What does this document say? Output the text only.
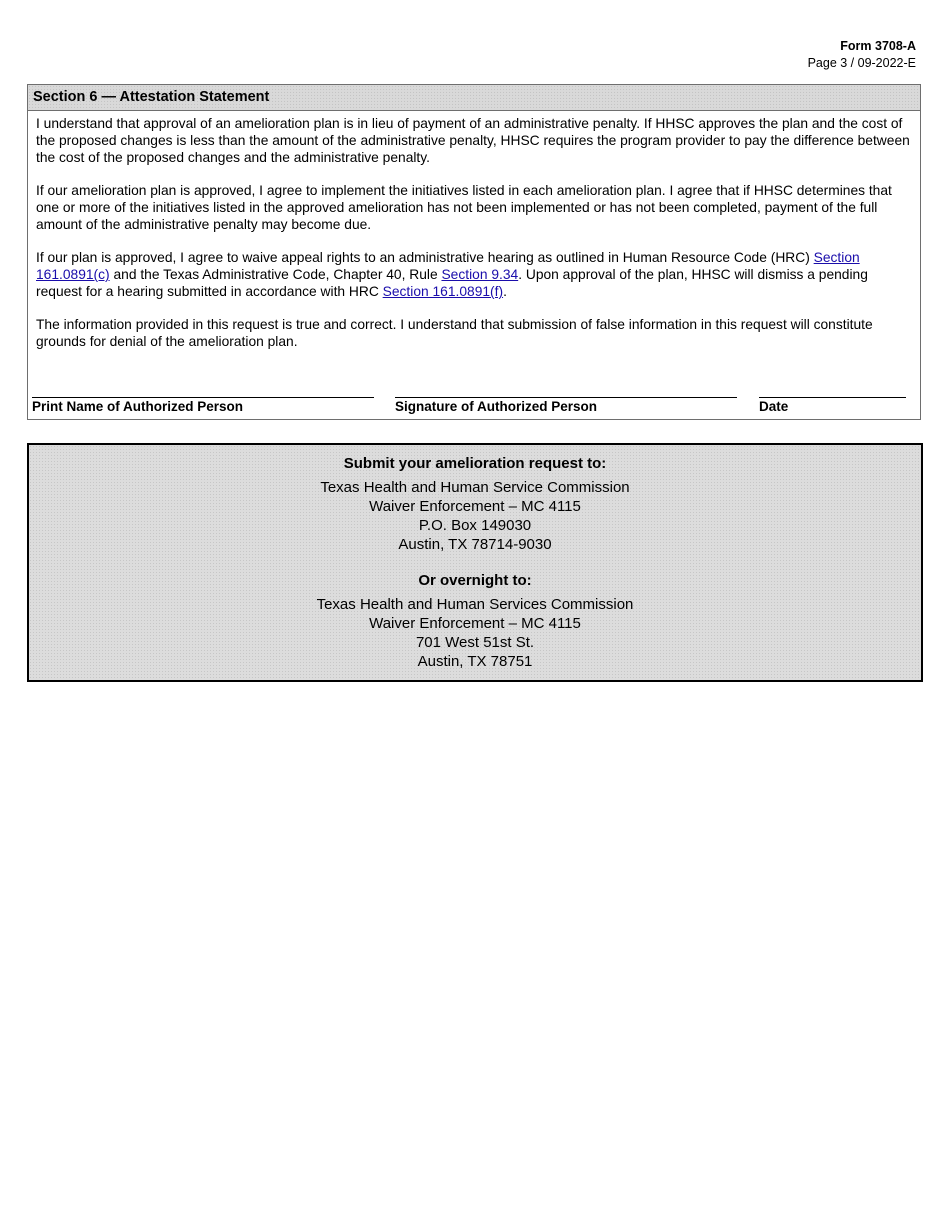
Form 3708-A
Page 3 / 09-2022-E
Section 6 — Attestation Statement

I understand that approval of an amelioration plan is in lieu of payment of an administrative penalty. If HHSC approves the plan and the cost of the proposed changes is less than the amount of the administrative penalty, HHSC requires the program provider to pay the difference between the cost of the proposed changes and the administrative penalty.

If our amelioration plan is approved, I agree to implement the initiatives listed in each amelioration plan. I agree that if HHSC determines that one or more of the initiatives listed in the approved amelioration has not been implemented or has not been completed, payment of the full amount of the administrative penalty may become due.

If our plan is approved, I agree to waive appeal rights to an administrative hearing as outlined in Human Resource Code (HRC) Section 161.0891(c) and the Texas Administrative Code, Chapter 40, Rule Section 9.34. Upon approval of the plan, HHSC will dismiss a pending request for a hearing submitted in accordance with HRC Section 161.0891(f).

The information provided in this request is true and correct. I understand that submission of false information in this request will constitute grounds for denial of the amelioration plan.

Print Name of Authorized Person	Signature of Authorized Person	Date
Submit your amelioration request to:
Texas Health and Human Service Commission
Waiver Enforcement – MC 4115
P.O. Box 149030
Austin, TX 78714-9030
Or overnight to:
Texas Health and Human Services Commission
Waiver Enforcement – MC 4115
701 West 51st St.
Austin, TX 78751
